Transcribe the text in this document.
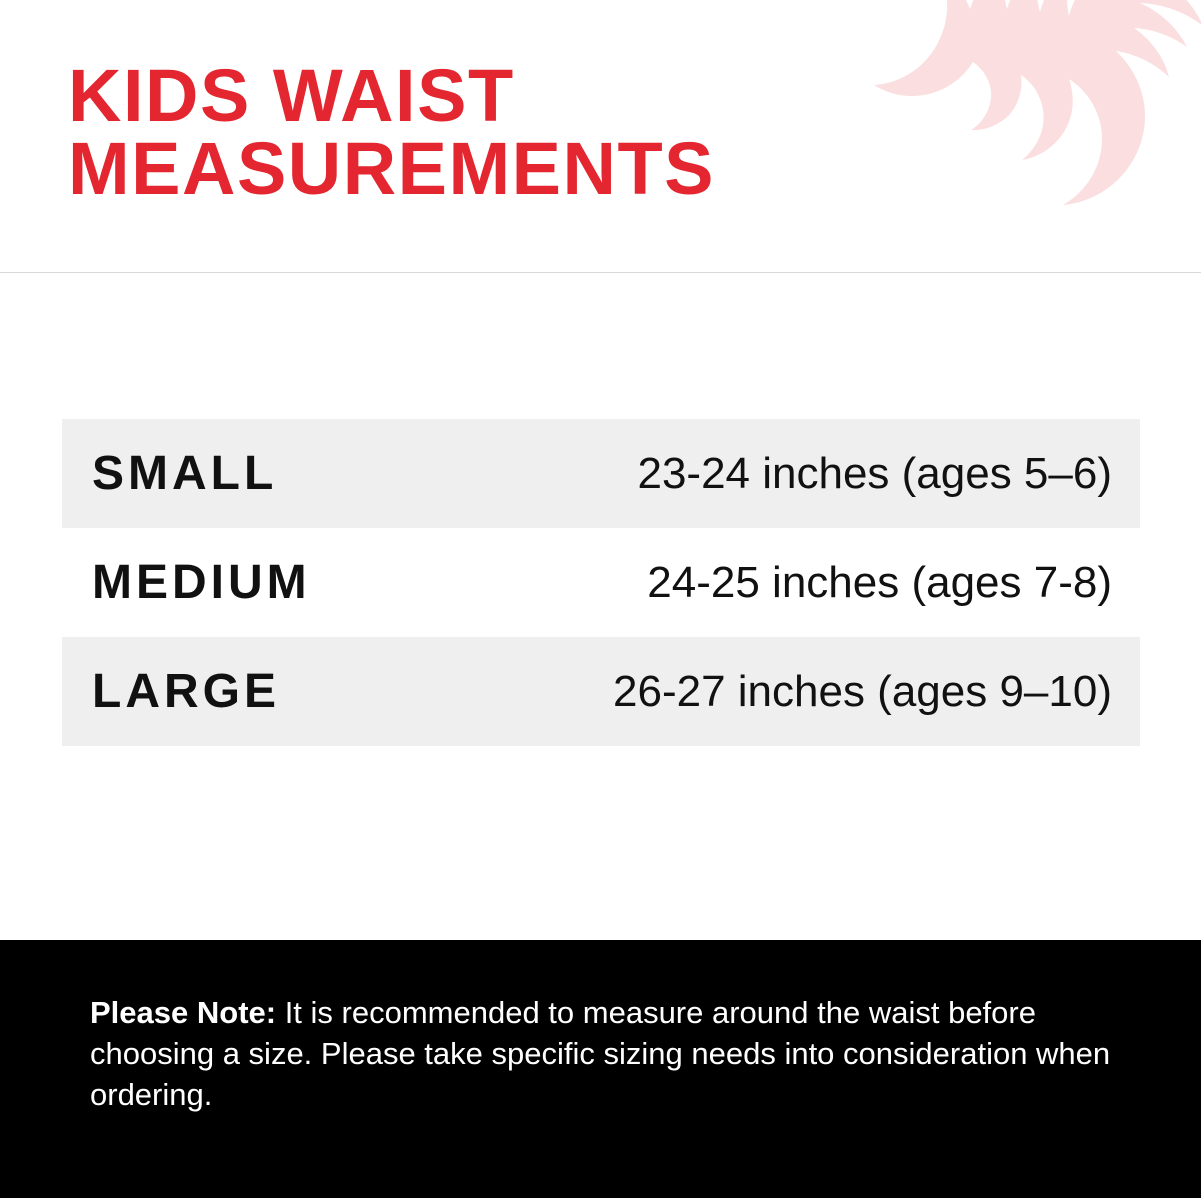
KIDS WAIST MEASUREMENTS
SMALL	23-24 inches (ages 5–6)
MEDIUM	24-25 inches (ages 7-8)
LARGE	26-27 inches (ages 9–10)
Please Note: It is recommended to measure around the waist before choosing a size. Please take specific sizing needs into consideration when ordering.
